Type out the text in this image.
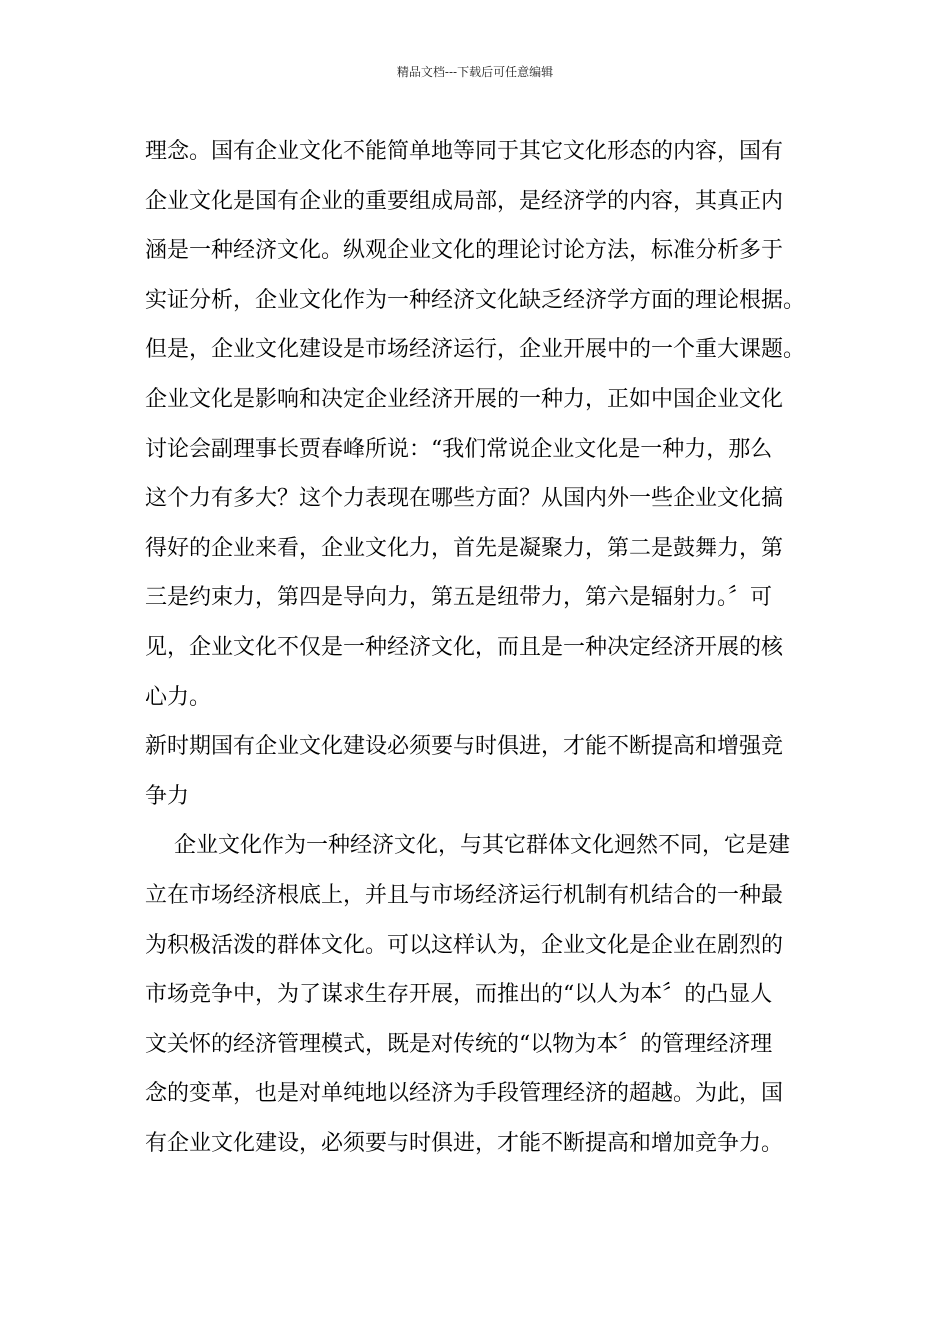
精品文档---下载后可任意编辑
理念。国有企业文化不能简单地等同于其它文化形态的内容，国有
企业文化是国有企业的重要组成局部，是经济学的内容，其真正内
涵是一种经济文化。纵观企业文化的理论讨论方法，标准分析多于
实证分析，企业文化作为一种经济文化缺乏经济学方面的理论根据。
但是，企业文化建设是市场经济运行，企业开展中的一个重大课题。
企业文化是影响和决定企业经济开展的一种力，正如中国企业文化
讨论会副理事长贾春峰所说：“我们常说企业文化是一种力，那么
这个力有多大？这个力表现在哪些方面？从国内外一些企业文化搞
得好的企业来看，企业文化力，首先是凝聚力，第二是鼓舞力，第
三是约束力，第四是导向力，第五是纽带力，第六是辐射力。〞可
见，企业文化不仅是一种经济文化，而且是一种决定经济开展的核
心力。
新时期国有企业文化建设必须要与时俱进，才能不断提高和增强竞
争力
企业文化作为一种经济文化，与其它群体文化迥然不同，它是建
立在市场经济根底上，并且与市场经济运行机制有机结合的一种最
为积极活泼的群体文化。可以这样认为，企业文化是企业在剧烈的
市场竞争中，为了谋求生存开展，而推出的“以人为本〞的凸显人
文关怀的经济管理模式，既是对传统的“以物为本〞的管理经济理
念的变革，也是对单纯地以经济为手段管理经济的超越。为此，国
有企业文化建设，必须要与时俱进，才能不断提高和增加竞争力。
